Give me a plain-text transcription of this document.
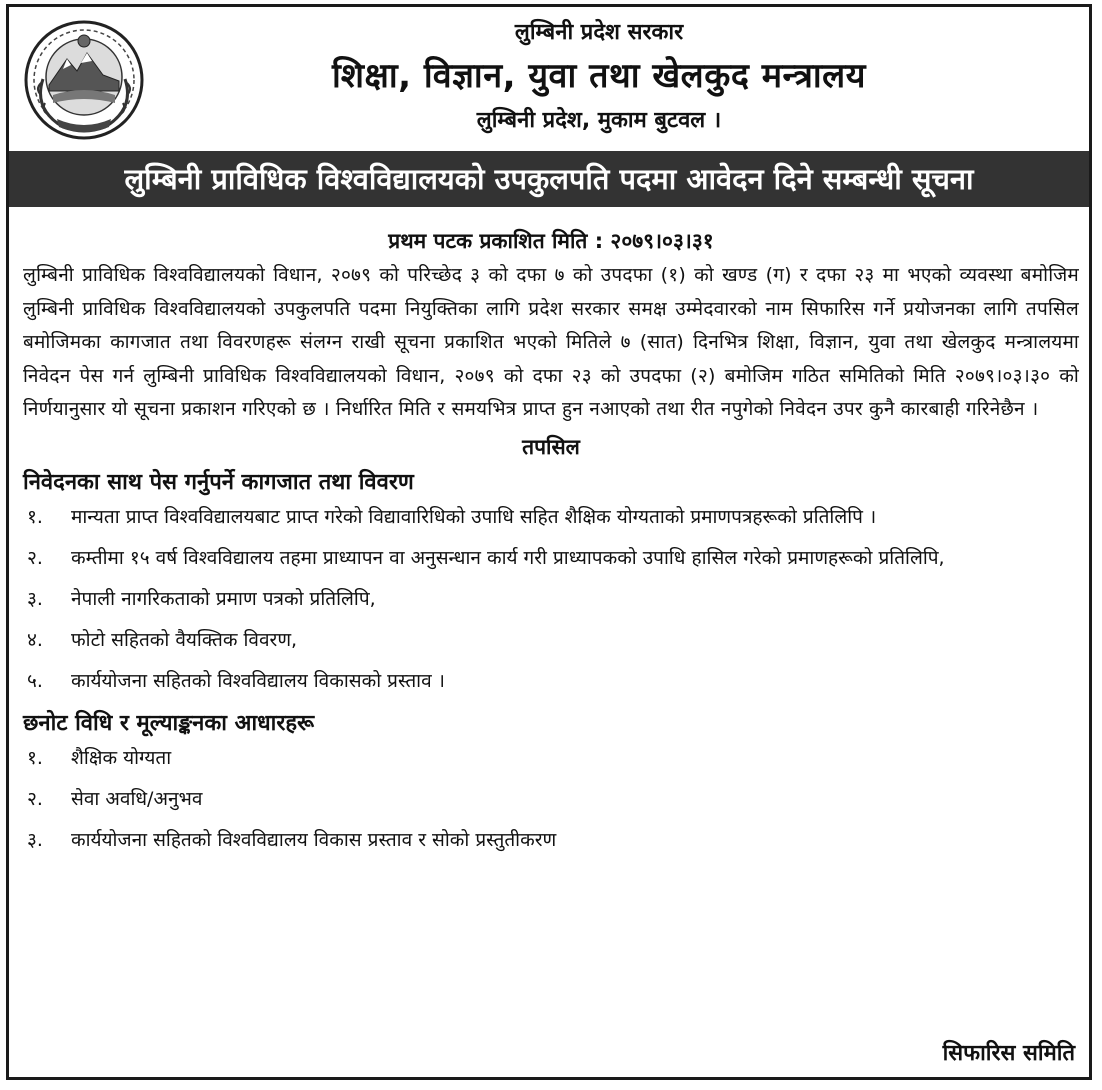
लुम्बिनी प्रदेश सरकार
शिक्षा, विज्ञान, युवा तथा खेलकुद मन्त्रालय
लुम्बिनी प्रदेश, मुकाम बुटवल ।
लुम्बिनी प्राविधिक विश्वविद्यालयको उपकुलपति पदमा आवेदन दिने सम्बन्धी सूचना
प्रथम पटक प्रकाशित मिति : २०७९।०३।३१

लुम्बिनी प्राविधिक विश्वविद्यालयको विधान, २०७९ को परिच्छेद ३ को दफा ७ को उपदफा (१) को खण्ड (ग) र दफा २३ मा भएको व्यवस्था बमोजिम लुम्बिनी प्राविधिक विश्वविद्यालयको उपकुलपति पदमा नियुक्तिका लागि प्रदेश सरकार समक्ष उम्मेदवारको नाम सिफारिस गर्ने प्रयोजनका लागि तपसिल बमोजिमका कागजात तथा विवरणहरू संलग्न राखी सूचना प्रकाशित भएको मितिले ७ (सात) दिनभित्र शिक्षा, विज्ञान, युवा तथा खेलकुद मन्त्रालयमा निवेदन पेस गर्न लुम्बिनी प्राविधिक विश्वविद्यालयको विधान, २०७९ को दफा २३ को उपदफा (२) बमोजिम गठित समितिको मिति २०७९।०३।३० को निर्णयानुसार यो सूचना प्रकाशन गरिएको छ । निर्धारित मिति र समयभित्र प्राप्त हुन नआएको तथा रीत नपुगेको निवेदन उपर कुनै कारबाही गरिनेछैन ।

तपसिल
निवेदनका साथ पेस गर्नुपर्ने कागजात तथा विवरण
१. मान्यता प्राप्त विश्वविद्यालयबाट प्राप्त गरेको विद्यावारिधिको उपाधि सहित शैक्षिक योग्यताको प्रमाणपत्रहरूको प्रतिलिपि ।
२. कम्तीमा १५ वर्ष विश्वविद्यालय तहमा प्राध्यापन वा अनुसन्धान कार्य गरी प्राध्यापकको उपाधि हासिल गरेको प्रमाणहरूको प्रतिलिपि,
३. नेपाली नागरिकताको प्रमाण पत्रको प्रतिलिपि,
४. फोटो सहितको वैयक्तिक विवरण,
५. कार्ययोजना सहितको विश्वविद्यालय विकासको प्रस्ताव ।
छनोट विधि र मूल्याङ्कनका आधारहरू
१. शैक्षिक योग्यता
२. सेवा अवधि/अनुभव
३. कार्ययोजना सहितको विश्वविद्यालय विकास प्रस्ताव र सोको प्रस्तुतीकरण
सिफारिस समिति
